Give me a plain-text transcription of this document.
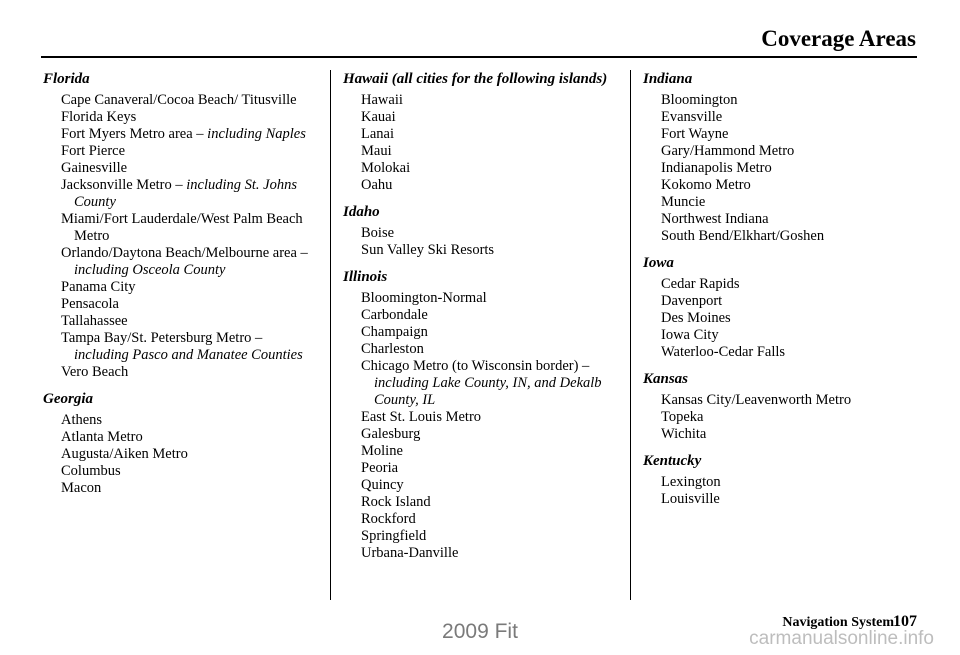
Coverage Areas
Florida
Cape Canaveral/Cocoa Beach/ Titusville
Florida Keys
Fort Myers Metro area – including Naples
Fort Pierce
Gainesville
Jacksonville Metro – including St. Johns County
Miami/Fort Lauderdale/West Palm Beach Metro
Orlando/Daytona Beach/Melbourne area – including Osceola County
Panama City
Pensacola
Tallahassee
Tampa Bay/St. Petersburg Metro – including Pasco and Manatee Counties
Vero Beach
Georgia
Athens
Atlanta Metro
Augusta/Aiken Metro
Columbus
Macon
Hawaii (all cities for the following islands)
Hawaii
Kauai
Lanai
Maui
Molokai
Oahu
Idaho
Boise
Sun Valley Ski Resorts
Illinois
Bloomington-Normal
Carbondale
Champaign
Charleston
Chicago Metro (to Wisconsin border) – including Lake County, IN, and Dekalb County, IL
East St. Louis Metro
Galesburg
Moline
Peoria
Quincy
Rock Island
Rockford
Springfield
Urbana-Danville
Indiana
Bloomington
Evansville
Fort Wayne
Gary/Hammond Metro
Indianapolis Metro
Kokomo Metro
Muncie
Northwest Indiana
South Bend/Elkhart/Goshen
Iowa
Cedar Rapids
Davenport
Des Moines
Iowa City
Waterloo-Cedar Falls
Kansas
Kansas City/Leavenworth Metro
Topeka
Wichita
Kentucky
Lexington
Louisville
Navigation System 107
2009 Fit	carmanualsonline.info
